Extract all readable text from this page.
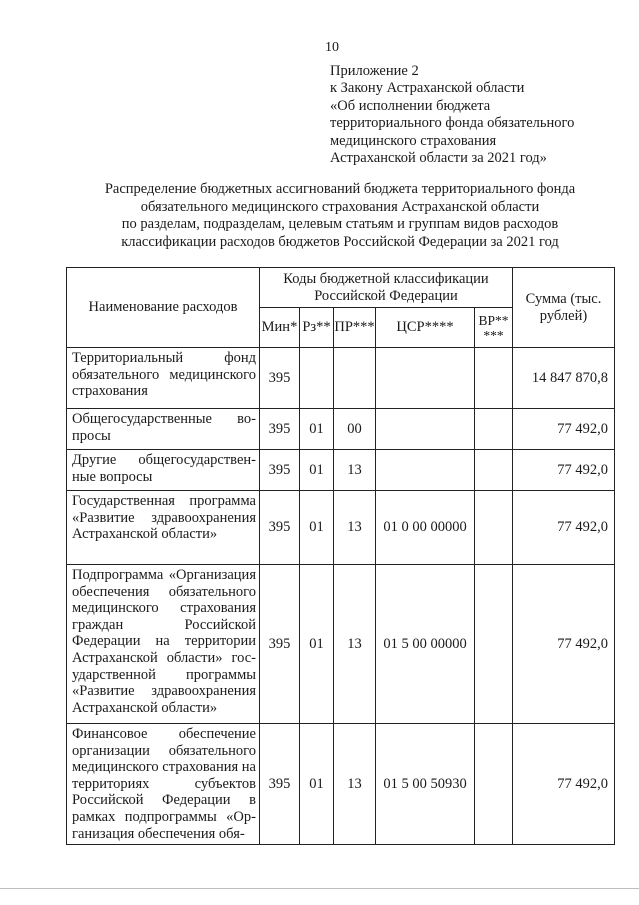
10
Приложение 2
к Закону Астраханской области
«Об исполнении бюджета
территориального фонда обязательного
медицинского страхования
Астраханской области за 2021 год»
Распределение бюджетных ассигнований бюджета территориального фонда
обязательного медицинского страхования Астраханской области
по разделам, подразделам, целевым статьям и группам видов расходов
классификации расходов бюджетов Российской Федерации за 2021 год
Наименование расходов	Коды бюджетной классификации Российской Федерации					Сумма (тыс. рублей)
	Мин*	Рз**	ПР***	ЦСР****	ВР** ***	
Территориальный фонд обязательного медицинского страхования	395					14 847 870,8
Общегосударственные вопросы	395	01	00			77 492,0
Другие общегосударственные вопросы	395	01	13			77 492,0
Государственная программа «Развитие здравоохранения Астраханской области»	395	01	13	01 0 00 00000		77 492,0
Подпрограмма «Организация обеспечения обязательного медицинского страхования граждан Российской Федерации на территории Астраханской области» государственной программы «Развитие здравоохранения Астраханской области»	395	01	13	01 5 00 00000		77 492,0
Финансовое обеспечение организации обязательного медицинского страхования на территориях субъектов Российской Федерации в рамках подпрограммы «Организация обеспечения обя-	395	01	13	01 5 00 50930		77 492,0
